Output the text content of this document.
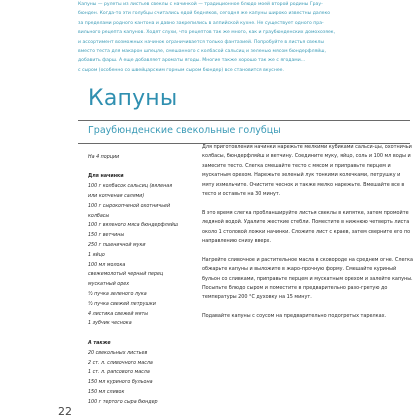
Капуны — рулеты из листьев свеклы с начинкой — традиционное блюдо моей второй родины Грау-

бюнден. Когда-то эти голубцы считались едой бедняков, сегодня же капуны широко известны далеко

за пределами родного кантона и давно закрепились в алпийской кухне. Не существует одного пра-

вильного рецепта капунов. Ходят слухи, что рецептов так же много, как и граубюнденских домохозяек,

и ассортимент возможных начинок ограничивается только фантазией. Попробуйте в листья свеклы

вместо теста для макарон шпецле, смешанного с колбасой сальсиц и зеленью мясом бюндерфляйш,

добавить фарш. А еще добавляет ароматы ягоды. Многие также хорошо так же с ягодами...

с сыром (особенно со швейцарским горным сыром бюндер) все становится вкуснее.

Капуны
Граубюнденские свекольные голубцы
На 4 порции
Для начинки
100 г колбасок сальсиц (вяленая
или копченая салями)
100 г сырокопченой охотничьей
колбасы
100 г вяленого мяса бюндерфляйш
150 г ветчины
250 г пшеничной муки
1 яйцо
100 мл молока
свежемолотый черный перец
мускатный орех
½ пучка зеленого лука
½ пучка свежей петрушки
4 листика свежей мяты
1 зубчик чеснока
А также
20 свекольных листьев
2 ст. л. сливочного масла
1 ст. л. рапсового масла
150 мл куриного бульона
150 мл сливок
100 г тертого сыра бюндер

Для приготовления начинки нарежьте мелкими кубиками сальси-цы, охотничьи колбасы, бюндерфляйш и ветчину. Соедините муку, яйцо, соль и 100 мл воды и замесите тесто. Слегка смешайте тесто с мясом и приправьте перцем и мускатным орехом. Нарежьте зеленый лук тонкими колечками, петрушку и мяту измельчите. Очистите чеснок и также мелко нарежьте. Вмешайте все в тесто и оставьте на 30 минут.

В это время слегка пробланшируйте листья свеклы в кипятке, затем промойте ледяной водой. Удалите жесткие стебли. Поместите в нижнюю четверть листа около 1 столовой ложки начинки. Сложите лист с краев, затем сверните его по направлению снизу вверх.

Нагрейте сливочное и растительное масла в сковороде на среднем огне. Слегка обжарьте капуны и выложите в жаро-прочную форму. Смешайте куриный бульон со сливками, приправьте перцем и мускатным орехом и залейте капуны. Посыпьте блюдо сыром и поместите в предварительно разо-гретую до температуры 200 °С духовку на 15 минут.

Подавайте капуны с соусом на предварительно подогретых тарелках.

22
